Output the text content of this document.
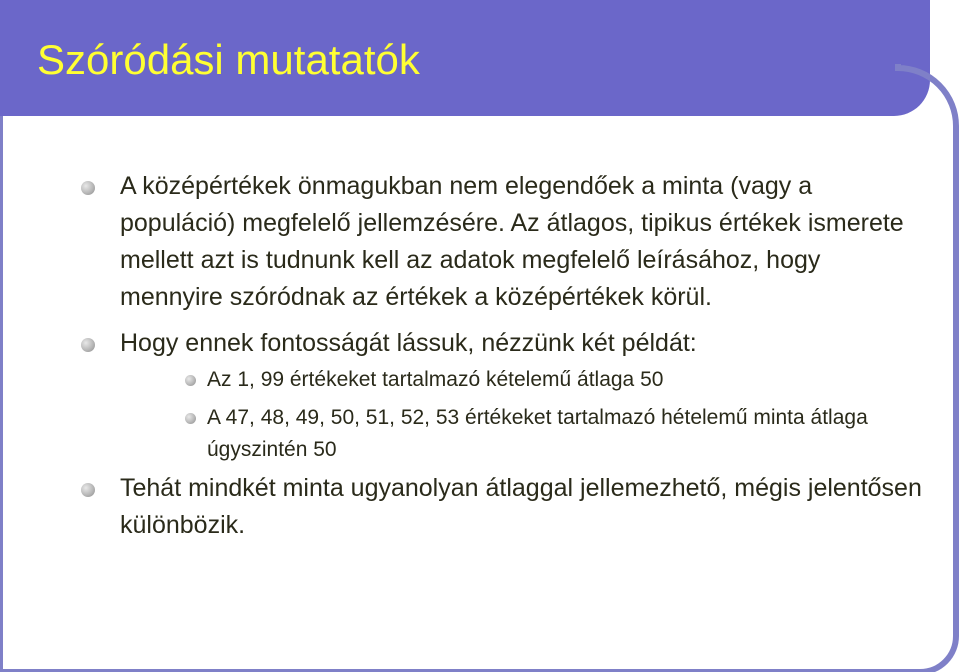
Szóródási mutatatók
A középértékek önmagukban nem elegendőek a minta (vagy a populáció) megfelelő jellemzésére. Az átlagos, tipikus értékek ismerete mellett azt is tudnunk kell az adatok megfelelő leírásához, hogy mennyire szóródnak az értékek a középértékek körül.
Hogy ennek fontosságát lássuk, nézzünk két példát:
Az 1, 99 értékeket tartalmazó kételemű átlaga 50
A 47, 48, 49, 50, 51, 52, 53 értékeket tartalmazó hételemű minta átlaga úgyszintén 50
Tehát mindkét minta ugyanolyan átlaggal jellemezhető, mégis jelentősen különbözik.
